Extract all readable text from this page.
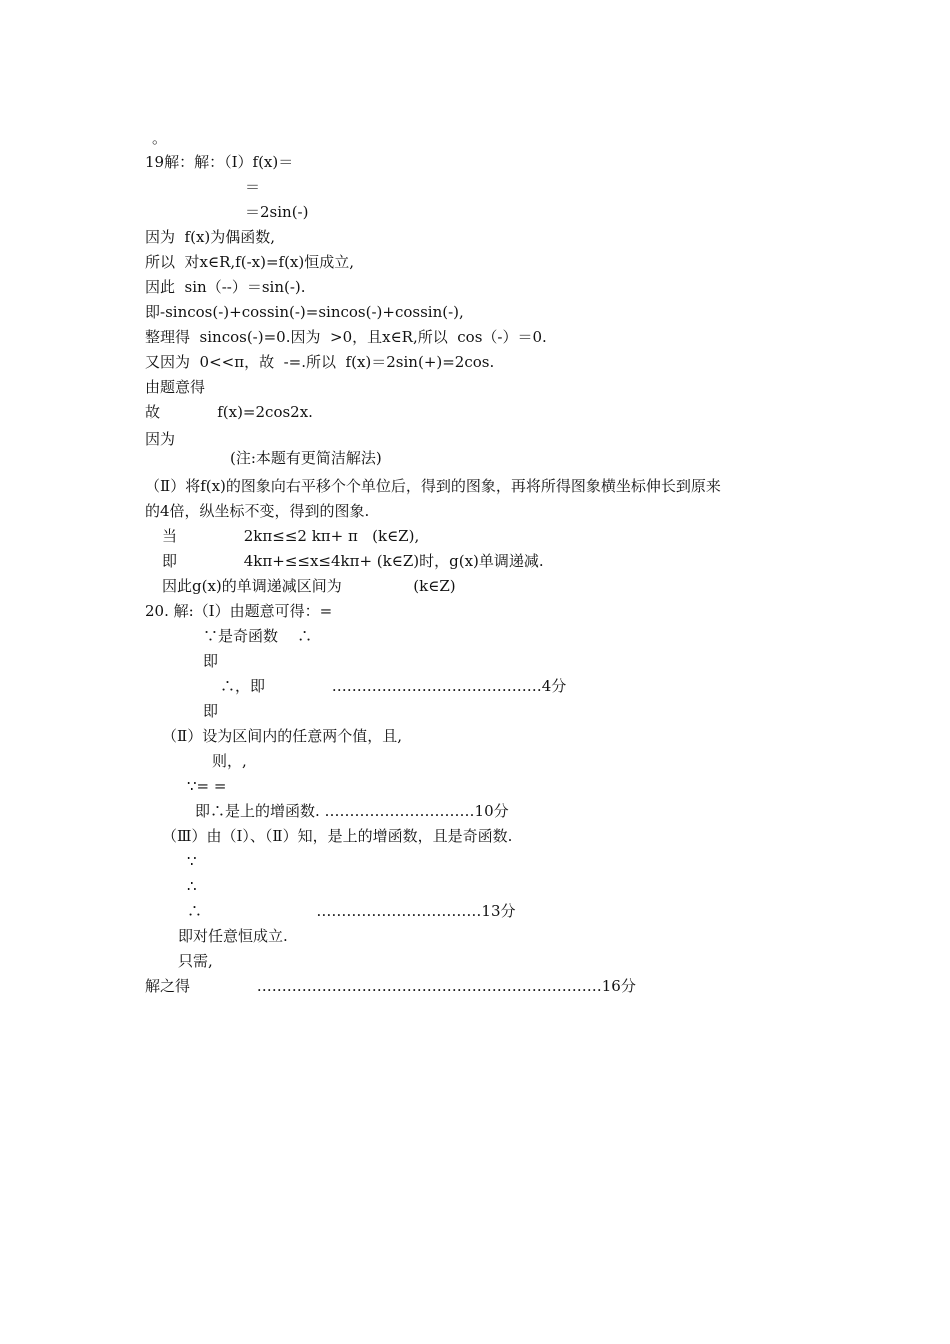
。
19解：解：（Ⅰ）f(x)＝
＝
＝2sin(-)
因为  f(x)为偶函数,
所以  对x∈R,f(-x)=f(x)恒成立,
因此  sin（--）＝sin(-).
即-sincos(-)+cossin(-)=sincos(-)+cossin(-),
整理得  sincos(-)=0.因为  >0，且x∈R,所以  cos（-）＝0.
又因为  0<<π，故  -=.所以  f(x)＝2sin(+)=2cos.
由题意得
故            f(x)=2cos2x.
因为
(注:本题有更简洁解法)
（Ⅱ）将f(x)的图象向右平移个个单位后，得到的图象，再将所得图象横坐标伸长到原来
的4倍，纵坐标不变，得到的图象.
当              2kπ≤≤2 kπ+ π   (k∈Z),
即              4kπ+≤≤x≤4kπ+ (k∈Z)时，g(x)单调递减.
因此g(x)的单调递减区间为               (k∈Z)
20. 解:（Ⅰ）由题意可得：=
∵是奇函数    ∴
即
∴，即              ……………………………………4分
即
（Ⅱ）设为区间内的任意两个值，且,
则，,
∵= =
即∴是上的增函数. …………………………10分
（Ⅲ）由（Ⅰ）、（Ⅱ）知，是上的增函数，且是奇函数.
∵
∴
∴                        ……………………………13分
即对任意恒成立.
只需,
解之得              ……………………………………………………………16分
